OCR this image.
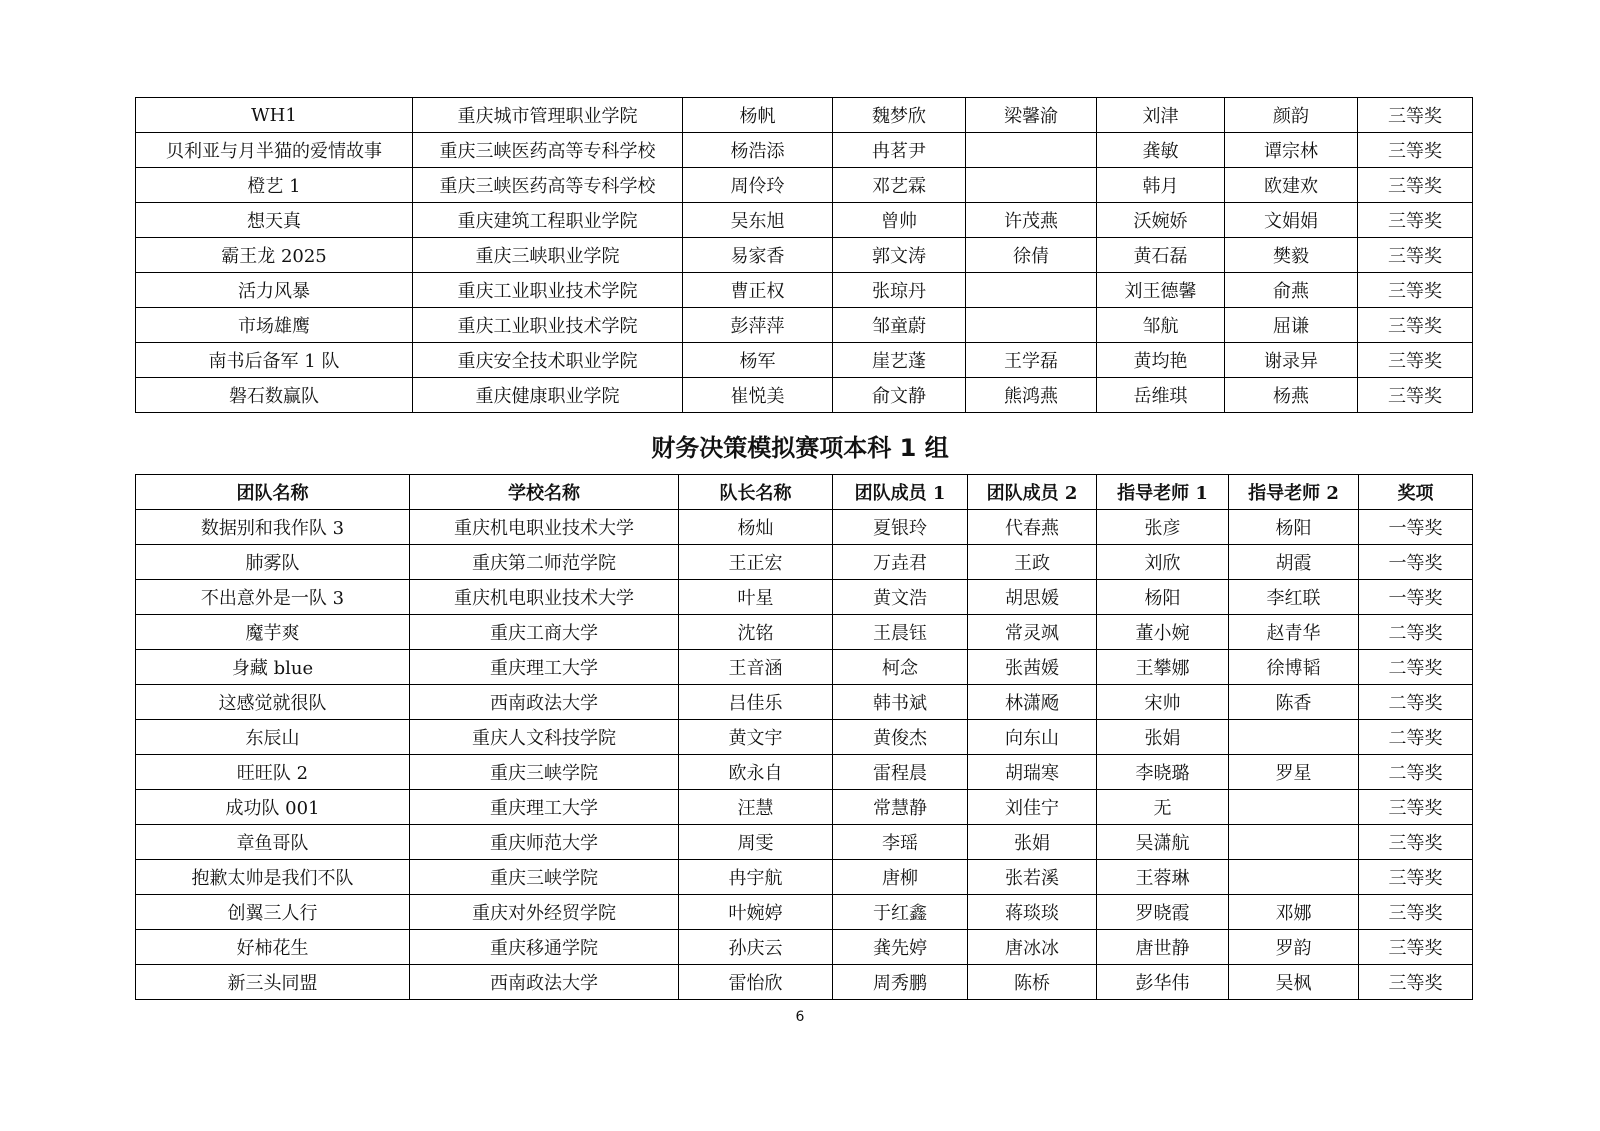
WH1	重庆城市管理职业学院	杨帆	魏梦欣	梁馨渝	刘津	颜韵	三等奖
贝利亚与月半猫的爱情故事	重庆三峡医药高等专科学校	杨浩添	冉茗尹		龚敏	谭宗林	三等奖
橙艺 1	重庆三峡医药高等专科学校	周伶玲	邓艺霖		韩月	欧建欢	三等奖
想天真	重庆建筑工程职业学院	吴东旭	曾帅	许茂燕	沃婉娇	文娟娟	三等奖
霸王龙 2025	重庆三峡职业学院	易家香	郭文涛	徐倩	黄石磊	樊毅	三等奖
活力风暴	重庆工业职业技术学院	曹正权	张琼丹		刘王德馨	俞燕	三等奖
市场雄鹰	重庆工业职业技术学院	彭萍萍	邹童蔚		邹航	屈谦	三等奖
南书后备军 1 队	重庆安全技术职业学院	杨军	崖艺蓬	王学磊	黄均艳	谢录异	三等奖
磐石数赢队	重庆健康职业学院	崔悦美	俞文静	熊鸿燕	岳维琪	杨燕	三等奖
财务决策模拟赛项本科 1 组
团队名称	学校名称	队长名称	团队成员 1	团队成员 2	指导老师 1	指导老师 2	奖项
数据别和我作队 3	重庆机电职业技术大学	杨灿	夏银玲	代春燕	张彦	杨阳	一等奖
肺雾队	重庆第二师范学院	王正宏	万垚君	王政	刘欣	胡霞	一等奖
不出意外是一队 3	重庆机电职业技术大学	叶星	黄文浩	胡思媛	杨阳	李红联	一等奖
魔芋爽	重庆工商大学	沈铭	王晨钰	常灵飒	董小婉	赵青华	二等奖
身藏 blue	重庆理工大学	王音涵	柯念	张茜媛	王攀娜	徐博韬	二等奖
这感觉就很队	西南政法大学	吕佳乐	韩书斌	林潇飏	宋帅	陈香	二等奖
东辰山	重庆人文科技学院	黄文宇	黄俊杰	向东山	张娟		二等奖
旺旺队 2	重庆三峡学院	欧永自	雷程晨	胡瑞寒	李晓璐	罗星	二等奖
成功队 001	重庆理工大学	汪慧	常慧静	刘佳宁	无		三等奖
章鱼哥队	重庆师范大学	周雯	李瑶	张娟	吴潇航		三等奖
抱歉太帅是我们不队	重庆三峡学院	冉宇航	唐柳	张若溪	王蓉琳		三等奖
创翼三人行	重庆对外经贸学院	叶婉婷	于红鑫	蒋琰琰	罗晓霞	邓娜	三等奖
好柿花生	重庆移通学院	孙庆云	龚先婷	唐冰冰	唐世静	罗韵	三等奖
新三头同盟	西南政法大学	雷怡欣	周秀鹏	陈桥	彭华伟	吴枫	三等奖
6
